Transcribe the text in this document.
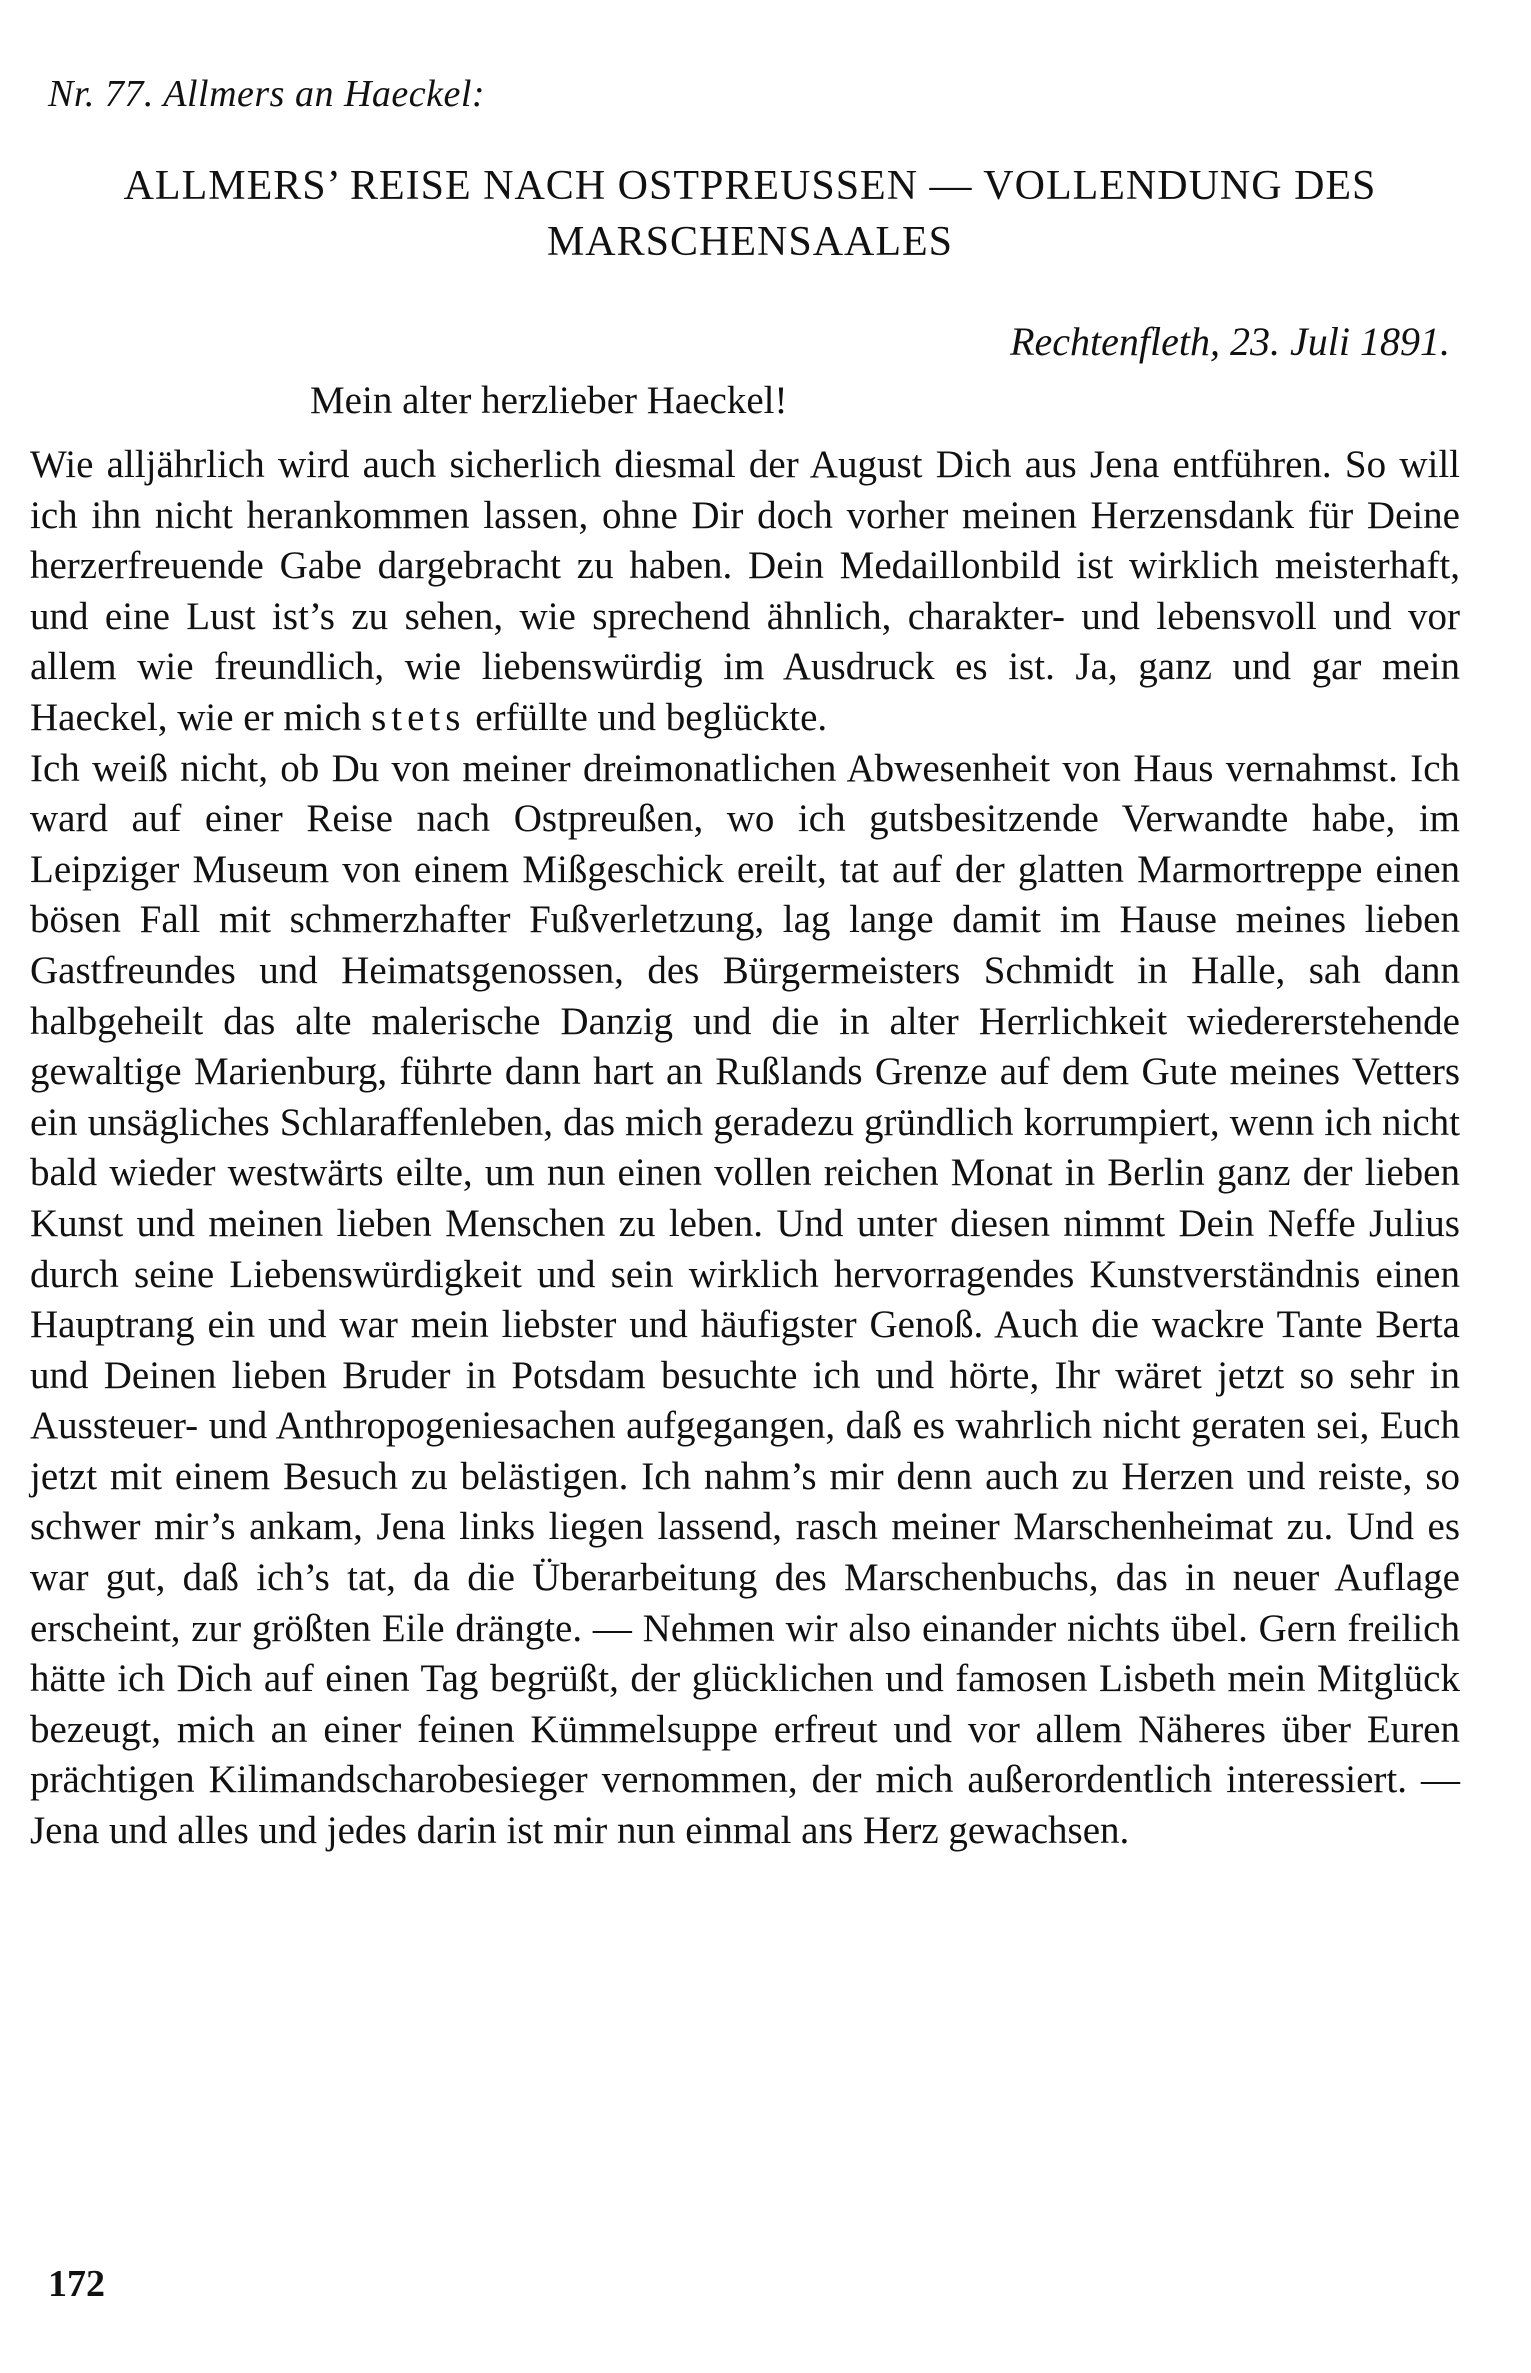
Nr. 77. Allmers an Haeckel:
ALLMERS’ REISE NACH OSTPREUSSEN — VOLLENDUNG DES
MARSCHENSAALES
Rechtenfleth, 23. Juli 1891.
Mein alter herzlieber Haeckel!

Wie alljährlich wird auch sicherlich diesmal der August Dich aus Jena entführen. So will ich ihn nicht herankommen lassen, ohne Dir doch vorher meinen Herzensdank für Deine herzerfreuende Gabe dargebracht zu haben. Dein Medaillonbild ist wirklich meisterhaft, und eine Lust ist’s zu sehen, wie sprechend ähnlich, charakter- und lebensvoll und vor allem wie freundlich, wie liebenswürdig im Ausdruck es ist. Ja, ganz und gar mein Haeckel, wie er mich stets erfüllte und beglückte.

Ich weiß nicht, ob Du von meiner dreimonatlichen Abwesenheit von Haus vernahmst. Ich ward auf einer Reise nach Ostpreußen, wo ich gutsbesitzende Verwandte habe, im Leipziger Museum von einem Mißgeschick ereilt, tat auf der glatten Marmortreppe einen bösen Fall mit schmerzhafter Fußverletzung, lag lange damit im Hause meines lieben Gastfreundes und Heimatsgenossen, des Bürgermeisters Schmidt in Halle, sah dann halbgeheilt das alte malerische Danzig und die in alter Herrlichkeit wiedererstehende gewaltige Marienburg, führte dann hart an Rußlands Grenze auf dem Gute meines Vetters ein unsägliches Schlaraffenleben, das mich geradezu gründlich korrumpiert, wenn ich nicht bald wieder westwärts eilte, um nun einen vollen reichen Monat in Berlin ganz der lieben Kunst und meinen lieben Menschen zu leben. Und unter diesen nimmt Dein Neffe Julius durch seine Liebenswürdigkeit und sein wirklich hervorragendes Kunstverständnis einen Hauptrang ein und war mein liebster und häufigster Genoß. Auch die wackre Tante Berta und Deinen lieben Bruder in Potsdam besuchte ich und hörte, Ihr wäret jetzt so sehr in Aussteuer- und Anthropogeniesachen aufgegangen, daß es wahrlich nicht geraten sei, Euch jetzt mit einem Besuch zu belästigen. Ich nahm’s mir denn auch zu Herzen und reiste, so schwer mir’s ankam, Jena links liegen lassend, rasch meiner Marschenheimat zu. Und es war gut, daß ich’s tat, da die Überarbeitung des Marschenbuchs, das in neuer Auflage erscheint, zur größten Eile drängte. — Nehmen wir also einander nichts übel. Gern freilich hätte ich Dich auf einen Tag begrüßt, der glücklichen und famosen Lisbeth mein Mitglück bezeugt, mich an einer feinen Kümmelsuppe erfreut und vor allem Näheres über Euren prächtigen Kilimandscharobesieger vernommen, der mich außerordentlich interessiert. — Jena und alles und jedes darin ist mir nun einmal ans Herz gewachsen.

172
